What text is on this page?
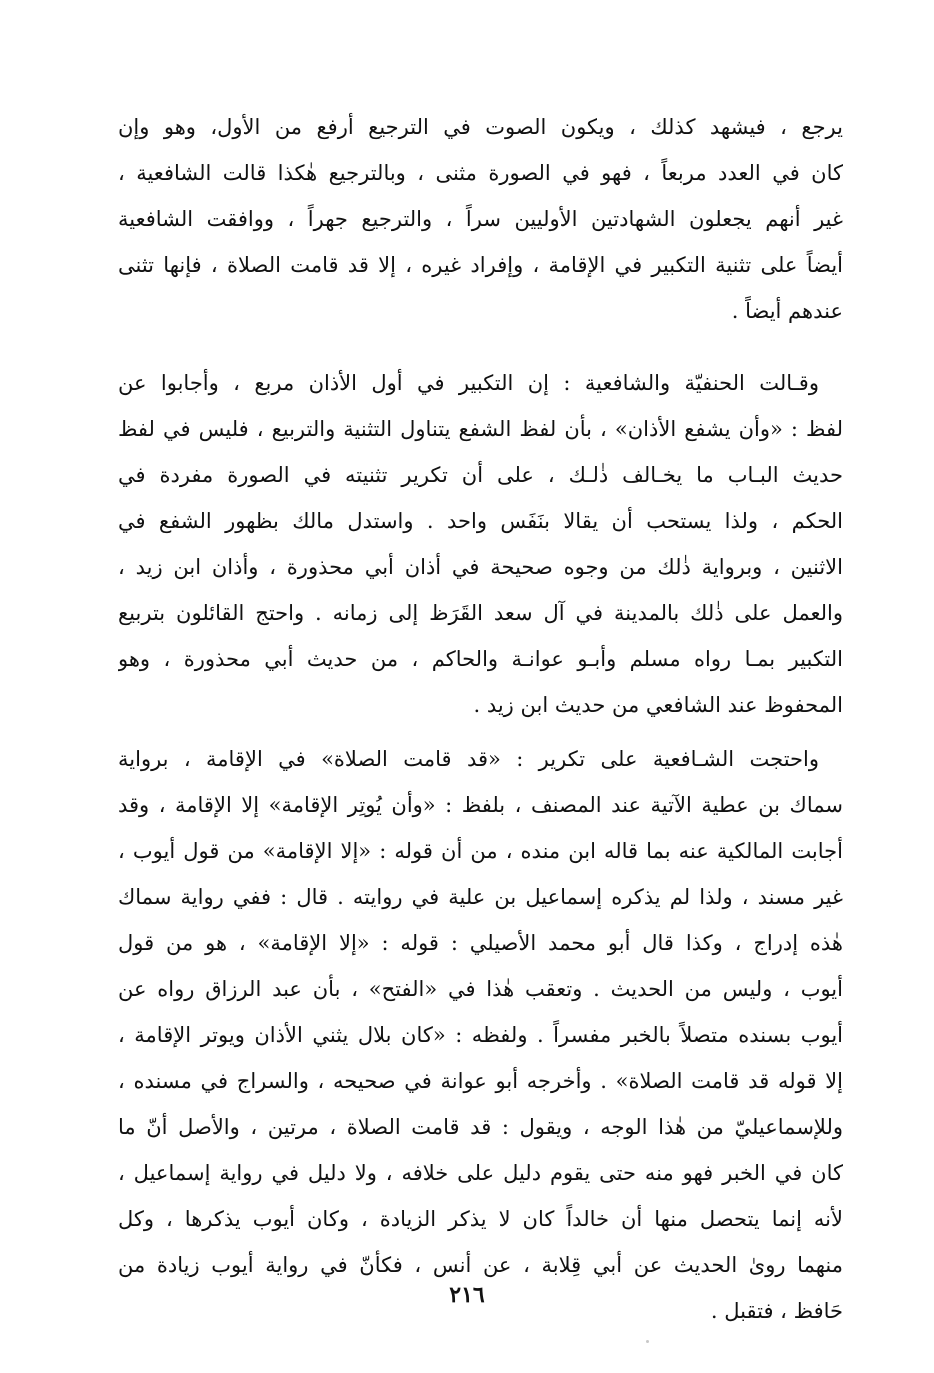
يرجع ، فيشهد كذلك ، ويكون الصوت في الترجيع أرفع من الأول، وهو وإن
كان في العدد مربعاً ، فهو في الصورة مثنى ، وبالترجيع هٰكذا قالت الشافعية ،
غير أنهم يجعلون الشهادتين الأوليين سراً ، والترجيع جهراً ، ووافقت الشافعية
أيضاً على تثنية التكبير في الإقامة ، وإفراد غيره ، إلا قد قامت الصلاة ، فإنها تثنى
عندهم أيضاً .
وقـالت الحنفيّة والشافعية : إن التكبير في أول الأذان مربع ، وأجابوا عن
لفظ : «وأن يشفع الأذان» ، بأن لفظ الشفع يتناول التثنية والتربيع ، فليس في لفظ
حديث البـاب ما يخـالف ذٰلـك ، على أن تكرير تثنيته في الصورة مفردة في
الحكم ، ولذا يستحب أن يقالا بنَفَس واحد . واستدل مالك بظهور الشفع في
الاثنين ، وبرواية ذٰلك من وجوه صحيحة في أذان أبي محذورة ، وأذان ابن زيد ،
والعمل على ذٰلك بالمدينة في آل سعد القَرَظ إلى زمانه . واحتج القائلون بتربيع
التكبير بمـا رواه مسلم وأبـو عوانـة والحاكم ، من حديث أبي محذورة ، وهو
المحفوظ عند الشافعي من حديث ابن زيد .
واحتجت الشـافعية على تكرير : «قد قامت الصلاة» في الإقامة ، برواية
سماك بن عطية الآتية عند المصنف ، بلفظ : «وأن يُوتِر الإقامة» إلا الإقامة ، وقد
أجابت المالكية عنه بما قاله ابن منده ، من أن قوله : «إلا الإقامة» من قول أيوب ،
غير مسند ، ولذا لم يذكره إسماعيل بن علية في روايته . قال : ففي رواية سماك
هٰذه إدراج ، وكذا قال أبو محمد الأصيلي : قوله : «إلا الإقامة» ، هو من قول
أيوب ، وليس من الحديث . وتعقب هٰذا في «الفتح» ، بأن عبد الرزاق رواه عن
أيوب بسنده متصلاً بالخبر مفسراً . ولفظه : «كان بلال يثني الأذان ويوتر الإقامة ،
إلا قوله قد قامت الصلاة» . وأخرجه أبو عوانة في صحيحه ، والسراج في مسنده ،
وللإسماعيليّ من هٰذا الوجه ، ويقول : قد قامت الصلاة ، مرتين ، والأصل أنّ ما
كان في الخبر فهو منه حتى يقوم دليل على خلافه ، ولا دليل في رواية إسماعيل ،
لأنه إنما يتحصل منها أن خالداً كان لا يذكر الزيادة ، وكان أيوب يذكرها ، وكل
منهما روىٰ الحديث عن أبي قِلابة ، عن أنس ، فكأنّ في رواية أيوب زيادة من
حَافظ ، فتقبل .
٢١٦
